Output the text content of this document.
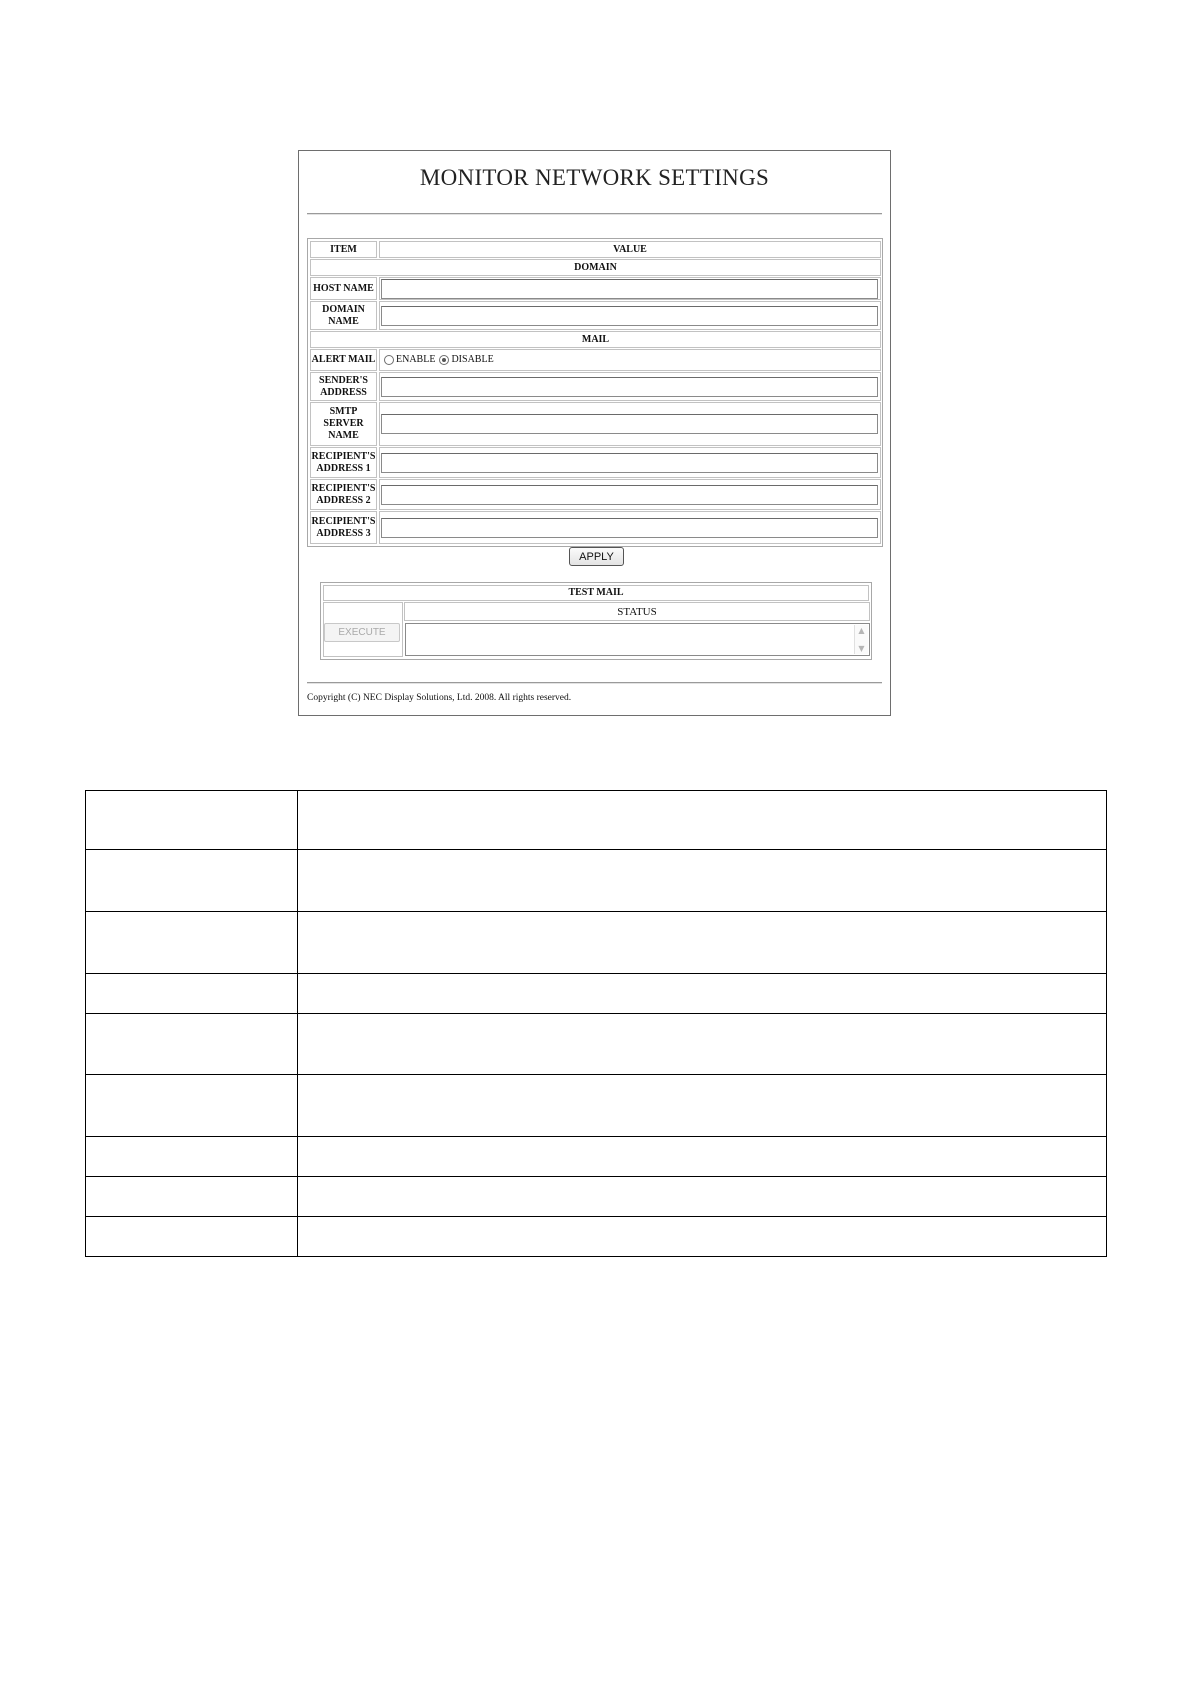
MONITOR NETWORK SETTINGS
ITEM	VALUE
DOMAIN
HOST NAME
DOMAIN NAME
MAIL
ALERT MAIL ENABLE DISABLE
SENDER'S ADDRESS
SMTP SERVER NAME
RECIPIENT'S ADDRESS 1
RECIPIENT'S ADDRESS 2
RECIPIENT'S ADDRESS 3
APPLY
TEST MAIL
EXECUTE
STATUS
▲
▼
Copyright (C) NEC Display Solutions, Ltd. 2008. All rights reserved.
